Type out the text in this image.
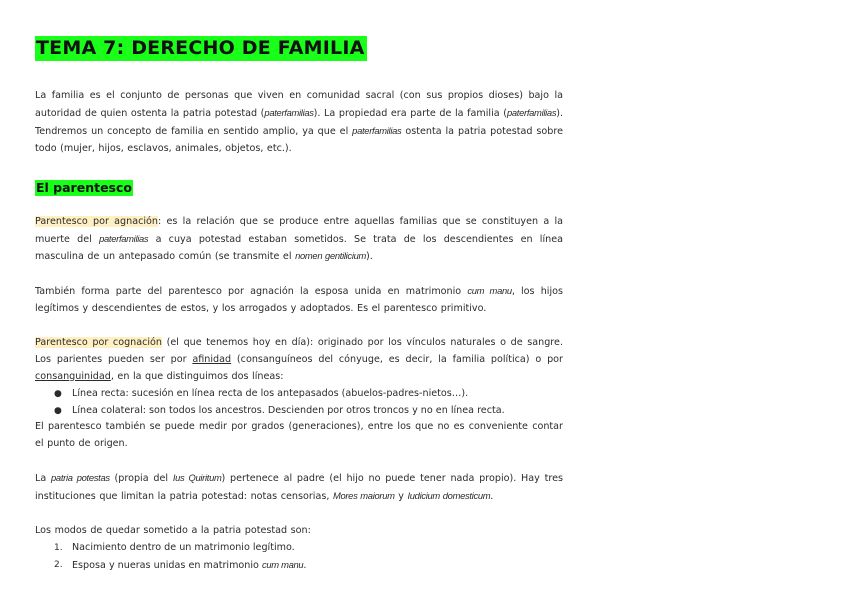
TEMA 7: DERECHO DE FAMILIA

La familia es el conjunto de personas que viven en comunidad sacral (con sus propios dioses) bajo la autoridad de quien ostenta la patria potestad (paterfamilias). La propiedad era parte de la familia (paterfamilias). Tendremos un concepto de familia en sentido amplio, ya que el paterfamilias ostenta la patria potestad sobre todo (mujer, hijos, esclavos, animales, objetos, etc.).

El parentesco

Parentesco por agnación: es la relación que se produce entre aquellas familias que se constituyen a la muerte del paterfamilias a cuya potestad estaban sometidos. Se trata de los descendientes en línea masculina de un antepasado común (se transmite el nomen gentilicium).

También forma parte del parentesco por agnación la esposa unida en matrimonio cum manu, los hijos legítimos y descendientes de estos, y los arrogados y adoptados. Es el parentesco primitivo.

Parentesco por cognación (el que tenemos hoy en día): originado por los vínculos naturales o de sangre. Los parientes pueden ser por afinidad (consanguíneos del cónyuge, es decir, la familia política) o por consanguinidad, en la que distinguimos dos líneas:

● Línea recta: sucesión en línea recta de los antepasados (abuelos-padres-nietos…).
● Línea colateral: son todos los ancestros. Descienden por otros troncos y no en línea recta.

El parentesco también se puede medir por grados (generaciones), entre los que no es conveniente contar el punto de origen.

La patria potestas (propia del Ius Quiritum) pertenece al padre (el hijo no puede tener nada propio). Hay tres instituciones que limitan la patria potestad: notas censorias, Mores maiorum y Iudicium domesticum.

Los modos de quedar sometido a la patria potestad son:

1. Nacimiento dentro de un matrimonio legítimo.
2. Esposa y nueras unidas en matrimonio cum manu.
